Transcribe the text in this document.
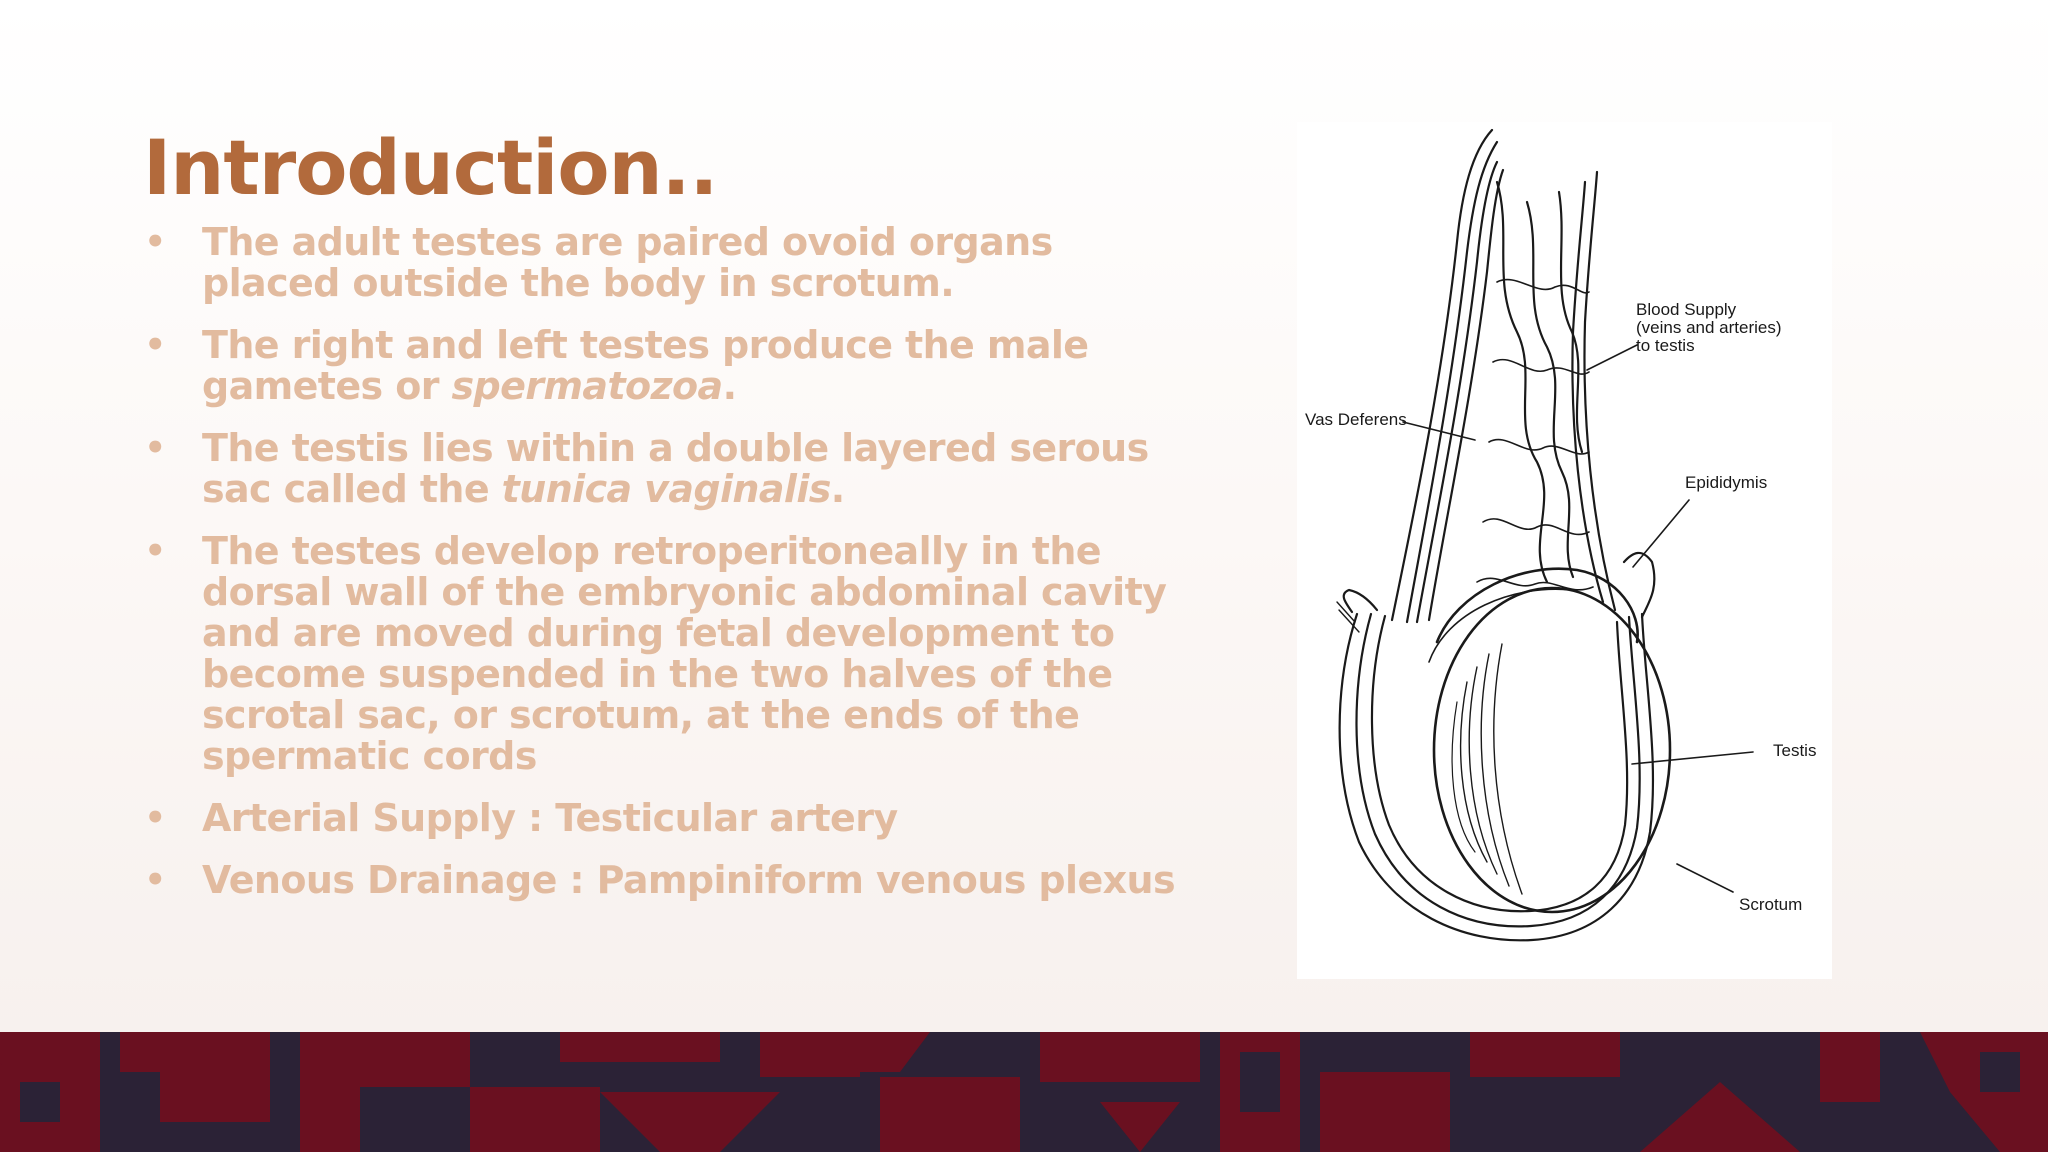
Introduction..
• The adult testes are paired ovoid organs placed outside the body in scrotum.
• The right and left testes produce the male gametes or spermatozoa.
• The testis lies within a double layered serous sac called the tunica vaginalis.
• The testes develop retroperitoneally in the dorsal wall of the embryonic abdominal cavity and are moved during fetal development to become suspended in the two halves of the scrotal sac, or scrotum, at the ends of the spermatic cords
• Arterial Supply : Testicular artery
• Venous Drainage : Pampiniform venous plexus
Blood Supply
(veins and arteries)
to testis
Vas Deferens
Epididymis
Testis
Scrotum
